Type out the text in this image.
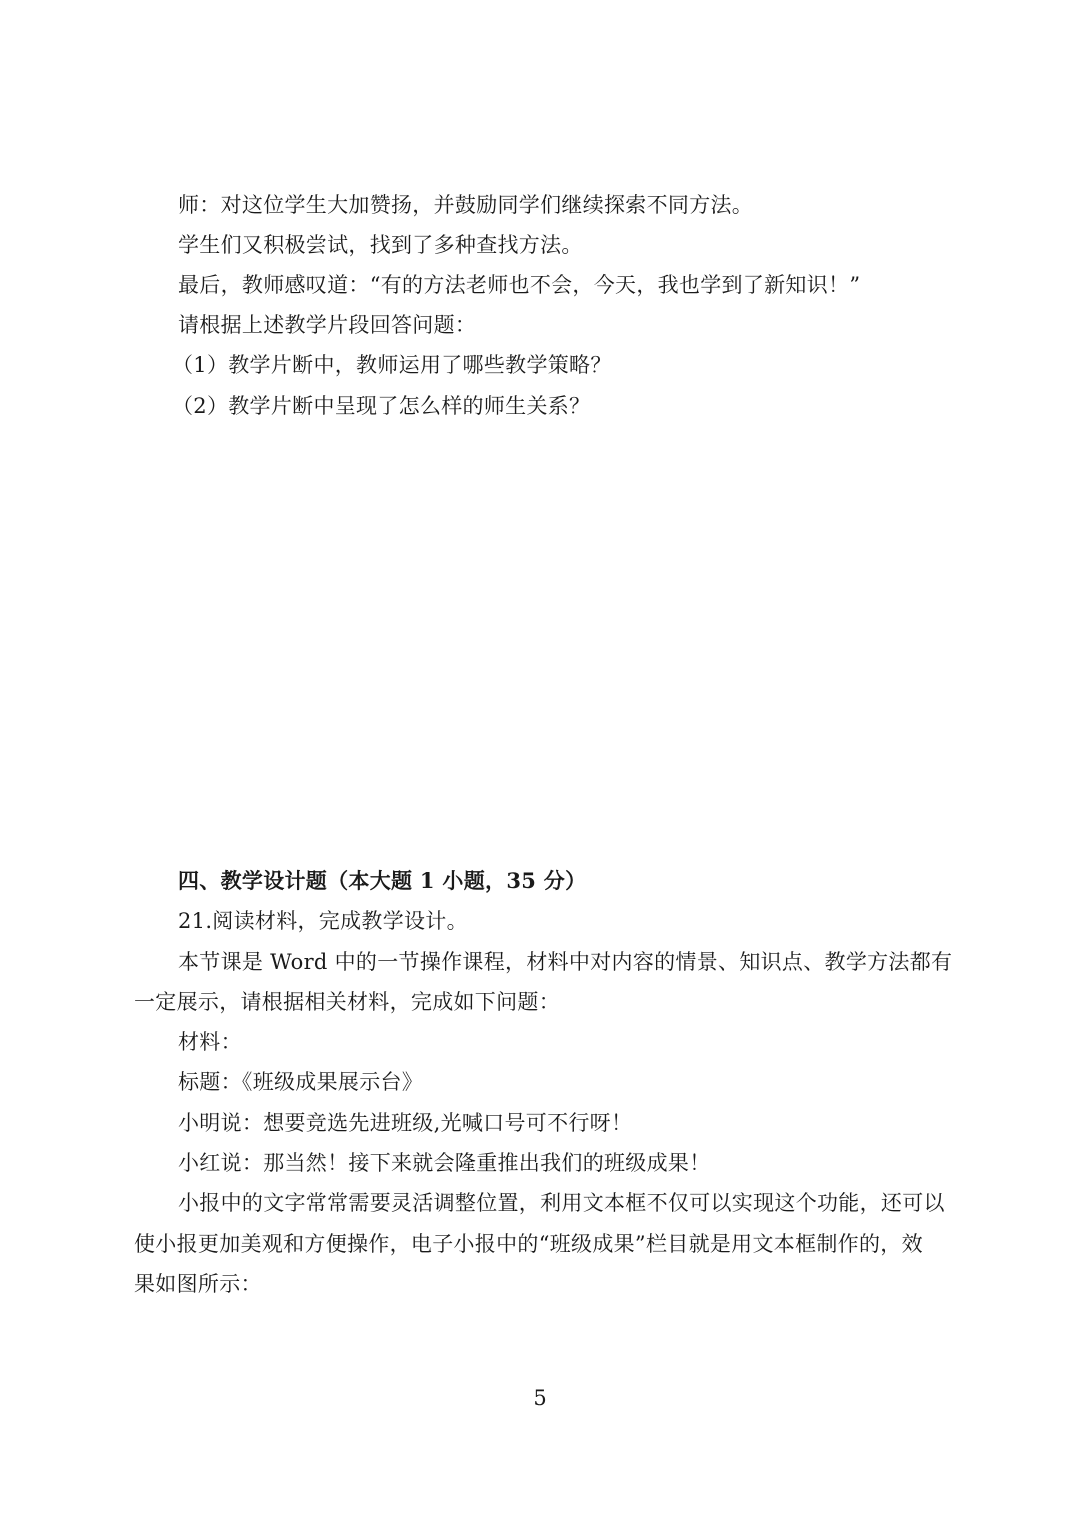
师：对这位学生大加赞扬，并鼓励同学们继续探索不同方法。
学生们又积极尝试，找到了多种查找方法。
最后，教师感叹道：“有的方法老师也不会，今天，我也学到了新知识！”
请根据上述教学片段回答问题：
（1）教学片断中，教师运用了哪些教学策略？
（2）教学片断中呈现了怎么样的师生关系？
四、教学设计题（本大题 1 小题，35 分）
21.阅读材料，完成教学设计。
本节课是 Word 中的一节操作课程，材料中对内容的情景、知识点、教学方法都有
一定展示，请根据相关材料，完成如下问题：
材料：
标题：《班级成果展示台》
小明说：想要竞选先进班级,光喊口号可不行呀！
小红说：那当然！接下来就会隆重推出我们的班级成果！
小报中的文字常常需要灵活调整位置，利用文本框不仅可以实现这个功能，还可以
使小报更加美观和方便操作，电子小报中的“班级成果”栏目就是用文本框制作的，效
果如图所示：
5
